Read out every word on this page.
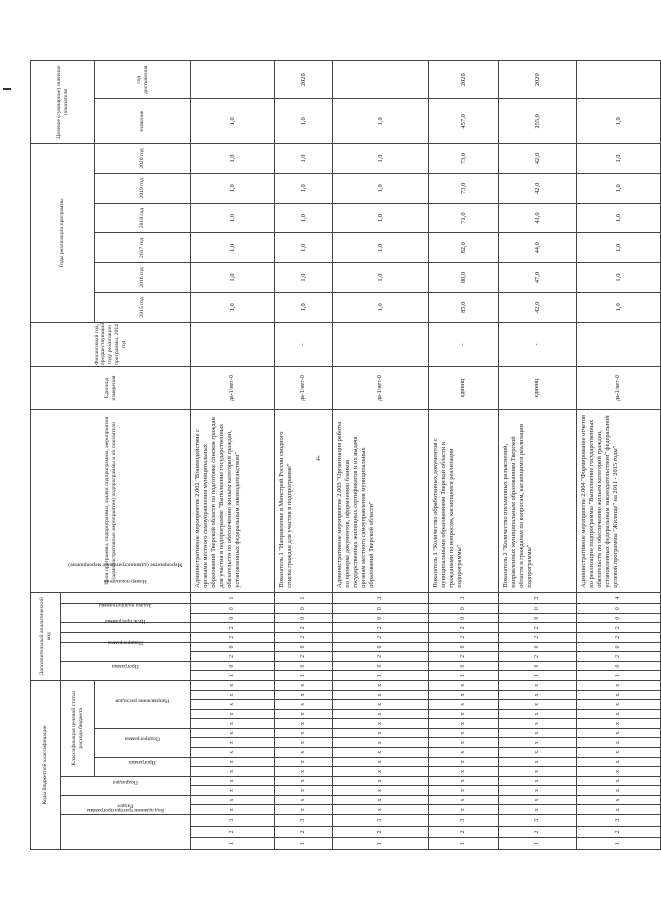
4
Коды бюджетной классификации																	Дополнительный аналитический код									Цели программы, подпрограммы, задачи подпрограммы, мероприятия (административные мероприятия) подпрограммы и их показатели	Единица измерения	Финансовый год, предшествующий году реализации программы, 2014 год	Годы реализации программы						Целевое (суммарное) значение показателя	
Код администратора программы			Раздел		Подраздел		Классификация целевой статьи расхода бюджета										Программа		Подпрограмма		Цель программы	Задача подпрограммы	Мероприятие (административное мероприятие)		Номер показателя											
							Программа		Подпрограмма			Направление расходов																	2015 год	2016 год	2017 год	2018 год	2019 год	2020 год	значение	год достижения
1	2	3	х	х	х	х	х	х	х	х	х	х	х	х	х	х	1	0	2	0	2	2	0	0	1	Административное мероприятие 2.002 "Взаимодействие с органами местного самоуправления муниципальных образований Тверской области по подготовке списков граждан для участия в подпрограмме "Выполнение государственных обязательств по обеспечению жильем категорий граждан, установленных федеральным законодательством"	да-1/нет-0		1,0	1,0	1,0	1,0	1,0	1,0	1,0	
1	2	3	х	х	х	х	х	х	х	х	х	х	х	х	х	х	1	0	2	0	2	2	0	0	1	Показатель 1 "Направление в Минстрой России сводного списка граждан для участия в подпрограмме"	да-1/нет-0	-	1,0	1,0	1,0	1,0	1,0	1,0	1,0	2020
1	2	3	х	х	х	х	х	х	х	х	х	х	х	х	х	х	1	0	2	0	2	2	0	0	3	Административное мероприятие 2.003 "Организация работы по проверке документов, оформлению бланков государственных жилищных сертификатов и их выдача органам местного самоуправления муниципальных образований Тверской области"	да-1/нет-0		1,0	1,0	1,0	1,0	1,0	1,0	1,0	
1	2	3	х	х	х	х	х	х	х	х	х	х	х	х	х	х	1	0	2	0	2	2	0	0	3	Показатель 1 "Количество обработанных документов с муниципальными образованиями Тверской области и гражданами по вопросам, касающимся реализации подпрограммы"	единиц	-	85,0	80,0	82,0	71,0	73,0	73,0	457,0	2020
1	2	3	х	х	х	х	х	х	х	х	х	х	х	х	х	х	1	0	2	0	2	2	0	0	3	Показатель 2 "Количество письменных разъяснений, направленных муниципальным образованиям Тверской области и гражданам по вопросам, касающимся реализации подпрограммы"	единиц	-	42,0	47,0	44,0	41,0	42,0	42,0	255,0	2020
1	2	3	х	х	х	х	х	х	х	х	х	х	х	х	х	х	1	0	2	0	2	2	0	0	4	Административное мероприятие 2.004 "Формирование отчетов по реализации подпрограммы "Выполнение государственных обязательств по обеспечению жильем категорий граждан, установленных федеральным законодательством" федеральной целевой программы "Жилище" на 2011 - 2015 годы"	да-1/нет-0		1,0	1,0	1,0	1,0	1,0	1,0	1,0	
